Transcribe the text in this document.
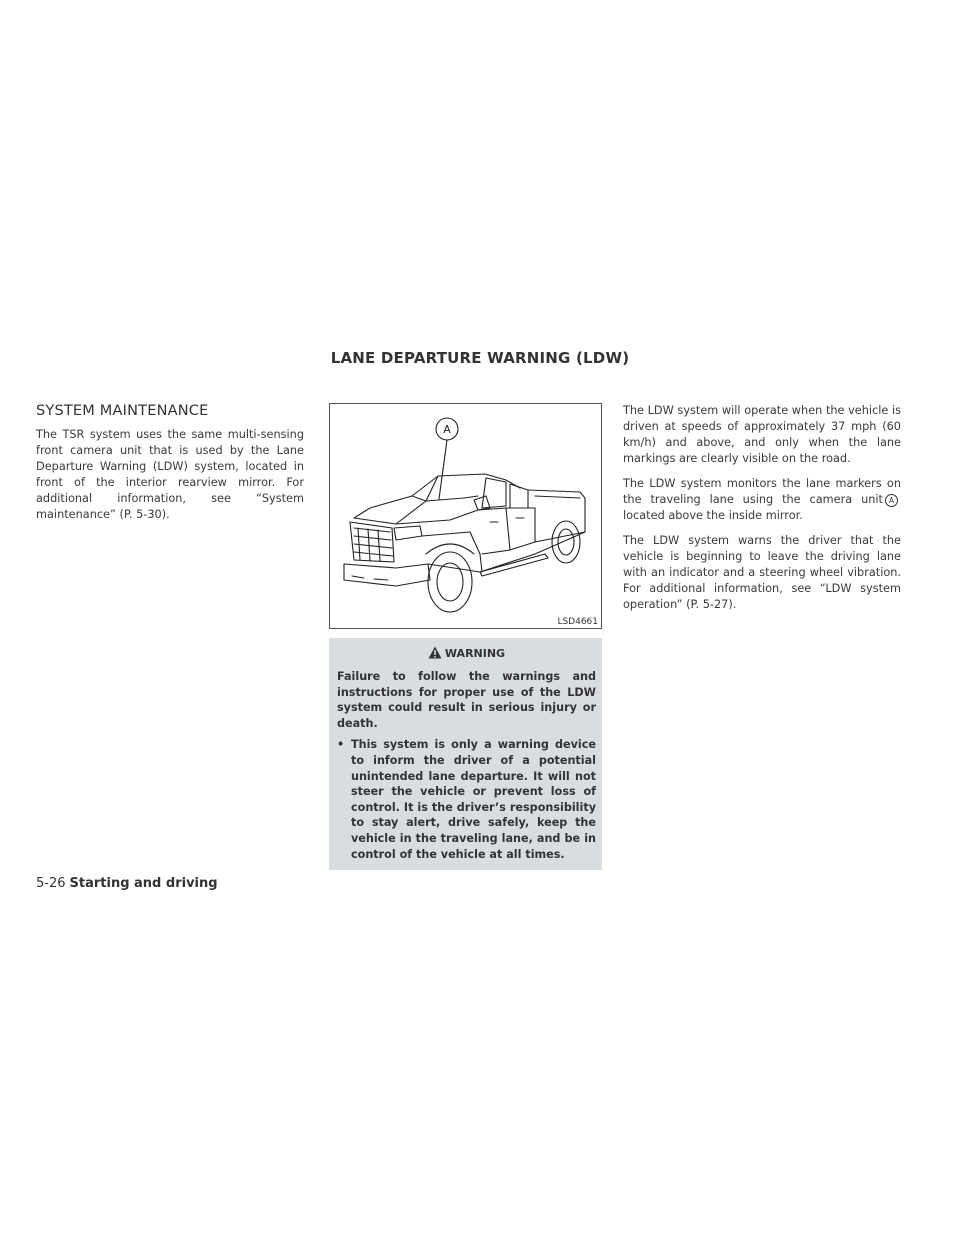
LANE DEPARTURE WARNING (LDW)
SYSTEM MAINTENANCE

The TSR system uses the same multi-sensing front camera unit that is used by the Lane Departure Warning (LDW) system, located in front of the interior rearview mirror. For additional information, see “System maintenance” (P. 5-30).

A
LSD4661
WARNING

Failure to follow the warnings and instructions for proper use of the LDW system could result in serious injury or death.

• This system is only a warning device to inform the driver of a potential unintended lane departure. It will not steer the vehicle or prevent loss of control. It is the driver’s responsibility to stay alert, drive safely, keep the vehicle in the traveling lane, and be in control of the vehicle at all times.

The LDW system will operate when the vehicle is driven at speeds of approximately 37 mph (60 km/h) and above, and only when the lane markings are clearly visible on the road.

The LDW system monitors the lane markers on the traveling lane using the camera unit Alocated above the inside mirror.

The LDW system warns the driver that the vehicle is beginning to leave the driving lane with an indicator and a steering wheel vibration. For additional information, see “LDW system operation” (P. 5-27).

5-26 Starting and driving
